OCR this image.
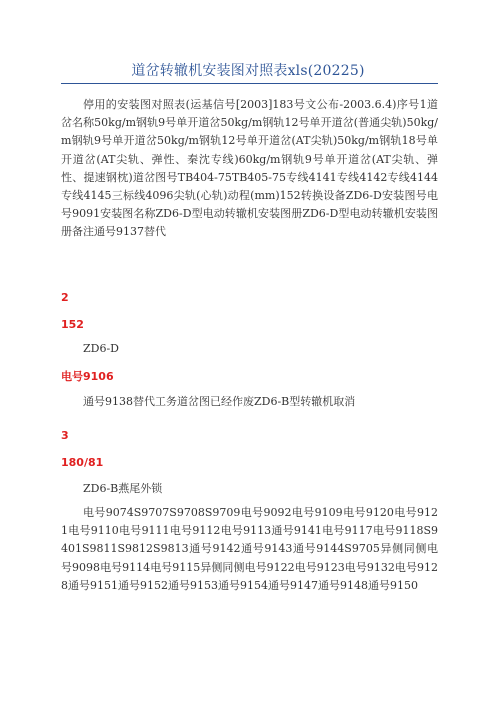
道岔转辙机安装图对照表xls(20225)

停用的安装图对照表(运基信号[2003]183号文公布-2003.6.4)序号1道岔名称50kg/m钢轨9号单开道岔50kg/m钢轨12号单开道岔(普通尖轨)50kg/m钢轨9号单开道岔50kg/m钢轨12号单开道岔(AT尖轨)50kg/m钢轨18号单开道岔(AT尖轨、弹性、秦沈专线)60kg/m钢轨9号单开道岔(AT尖轨、弹性、提速钢枕)道岔图号TB404-75TB405-75专线4141专线4142专线4144专线4145三标线4096尖轨(心轨)动程(mm)152转换设备ZD6-D安装图号电号9091安装图名称ZD6-D型电动转辙机安装图册ZD6-D型电动转辙机安装图册备注通号9137替代

2

152

ZD6-D

电号9106

通号9138替代工务道岔图已经作废ZD6-B型转辙机取消

3

180/81

ZD6-B燕尾外锁

电号9074S9707S9708S9709电号9092电号9109电号9120电号9121电号9110电号9111电号9112电号9113通号9141电号9117电号9118S9401S9811S9812S9813通号9142通号9143通号9144S9705异侧同侧电号9098电号9114电号9115异侧同侧电号9122电号9123电号9132电号9128通号9151通号9152通号9153通号9154通号9147通号9148通号9150
